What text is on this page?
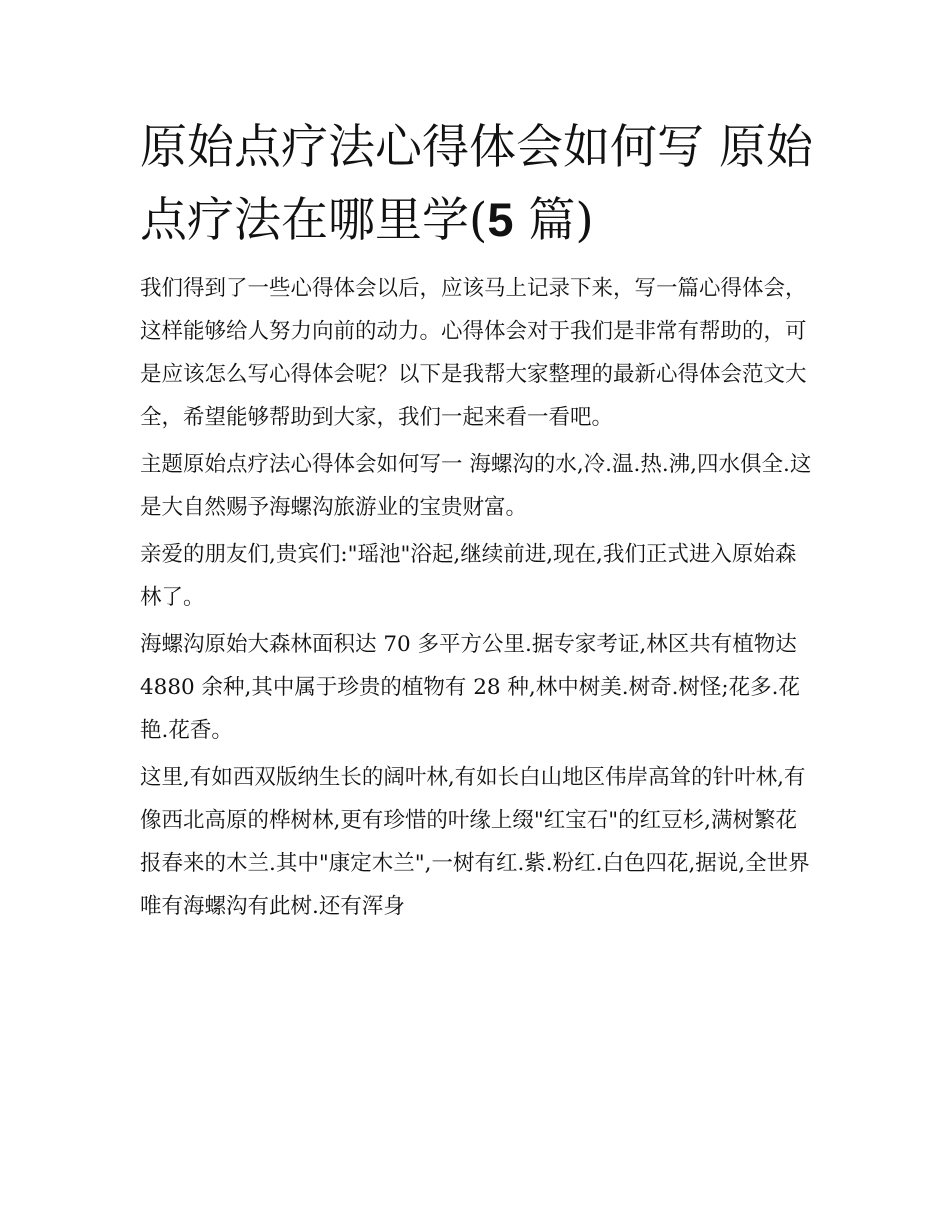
原始点疗法心得体会如何写 原始点疗法在哪里学(5 篇)

我们得到了一些心得体会以后，应该马上记录下来，写一篇心得体会，这样能够给人努力向前的动力。心得体会对于我们是非常有帮助的，可是应该怎么写心得体会呢？以下是我帮大家整理的最新心得体会范文大全，希望能够帮助到大家，我们一起来看一看吧。

主题原始点疗法心得体会如何写一 海螺沟的水,冷.温.热.沸,四水俱全.这是大自然赐予海螺沟旅游业的宝贵财富。

亲爱的朋友们,贵宾们:"瑶池"浴起,继续前进,现在,我们正式进入原始森林了。

海螺沟原始大森林面积达 70 多平方公里.据专家考证,林区共有植物达 4880 余种,其中属于珍贵的植物有 28 种,林中树美.树奇.树怪;花多.花艳.花香。

这里,有如西双版纳生长的阔叶林,有如长白山地区伟岸高耸的针叶林,有像西北高原的桦树林,更有珍惜的叶缘上缀"红宝石"的红豆杉,满树繁花报春来的木兰.其中"康定木兰",一树有红.紫.粉红.白色四花,据说,全世界唯有海螺沟有此树.还有浑身
